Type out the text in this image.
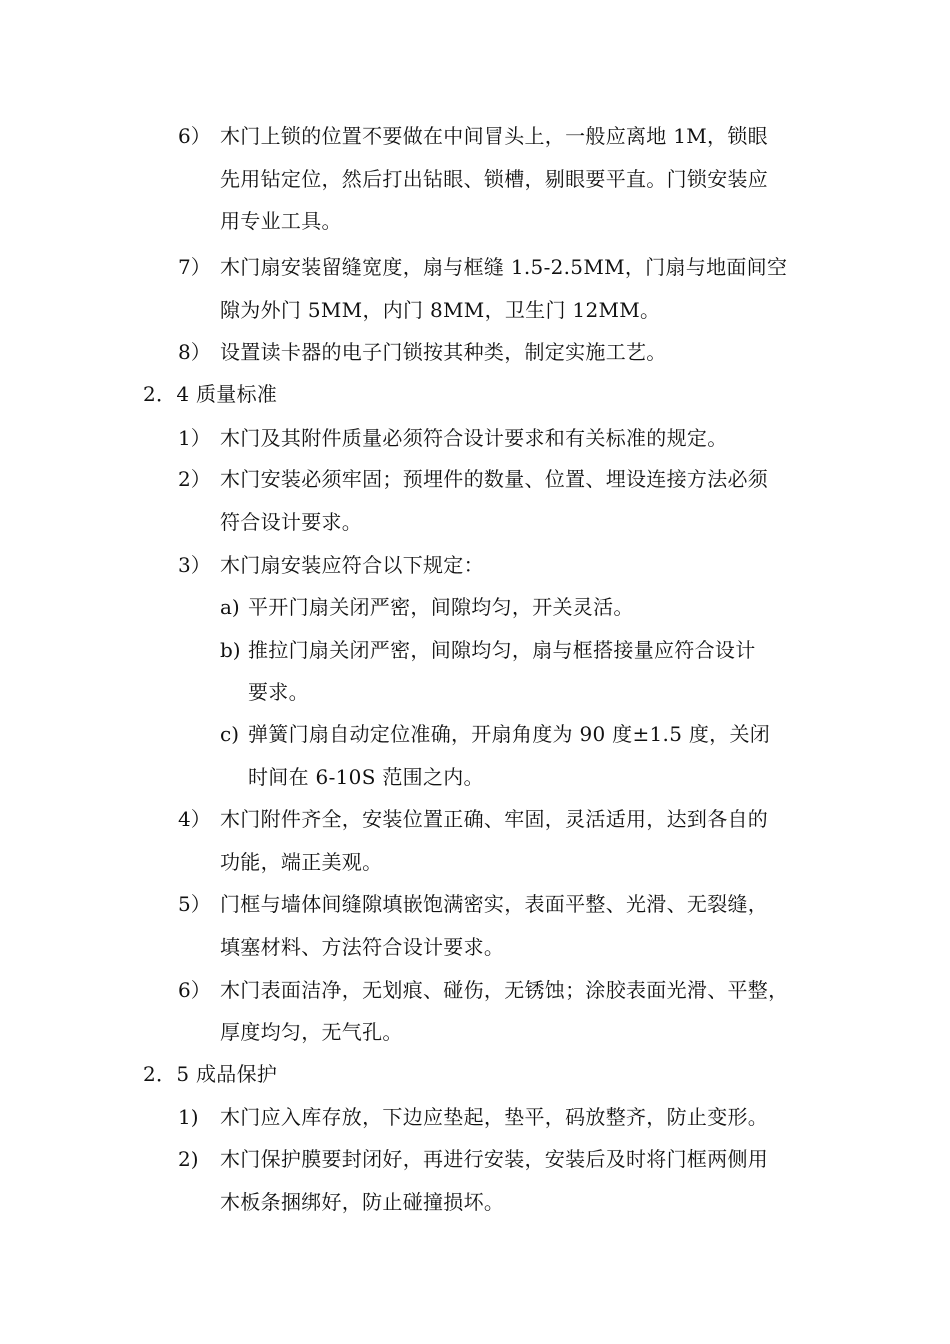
6） 木门上锁的位置不要做在中间冒头上，一般应离地 1M，锁眼
先用钻定位，然后打出钻眼、锁槽，剔眼要平直。门锁安装应
用专业工具。
7） 木门扇安装留缝宽度，扇与框缝 1.5-2.5MM，门扇与地面间空
隙为外门 5MM，内门 8MM，卫生门 12MM。
8） 设置读卡器的电子门锁按其种类，制定实施工艺。
2．4 质量标准
1） 木门及其附件质量必须符合设计要求和有关标准的规定。
2） 木门安装必须牢固；预埋件的数量、位置、埋设连接方法必须
符合设计要求。
3） 木门扇安装应符合以下规定：
a) 平开门扇关闭严密，间隙均匀，开关灵活。
b) 推拉门扇关闭严密，间隙均匀，扇与框搭接量应符合设计
要求。
c) 弹簧门扇自动定位准确，开扇角度为 90 度±1.5 度，关闭
时间在 6-10S 范围之内。
4） 木门附件齐全，安装位置正确、牢固，灵活适用，达到各自的
功能，端正美观。
5） 门框与墙体间缝隙填嵌饱满密实，表面平整、光滑、无裂缝，
填塞材料、方法符合设计要求。
6） 木门表面洁净，无划痕、碰伤，无锈蚀；涂胶表面光滑、平整，
厚度均匀，无气孔。
2．5 成品保护
1) 木门应入库存放，下边应垫起，垫平，码放整齐，防止变形。
2) 木门保护膜要封闭好，再进行安装，安装后及时将门框两侧用
木板条捆绑好，防止碰撞损坏。
